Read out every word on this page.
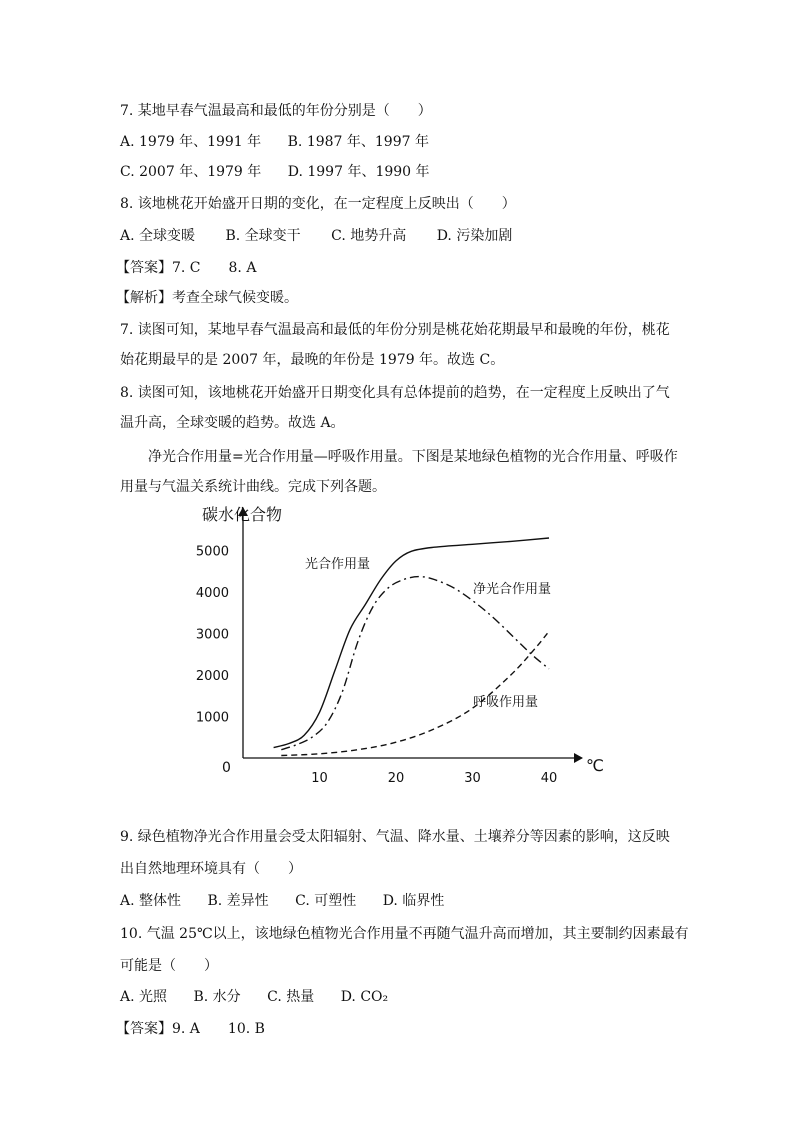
7. 某地早春气温最高和最低的年份分别是（　　）
A. 1979 年、1991 年 B. 1987 年、1997 年
C. 2007 年、1979 年 D. 1997 年、1990 年
8. 该地桃花开始盛开日期的变化，在一定程度上反映出（　　）
A. 全球变暖 B. 全球变干 C. 地势升高 D. 污染加剧
【答案】7. C　　8. A
【解析】考查全球气候变暖。
7. 读图可知，某地早春气温最高和最低的年份分别是桃花始花期最早和最晚的年份，桃花
始花期最早的是 2007 年，最晚的年份是 1979 年。故选 C。
8. 读图可知，该地桃花开始盛开日期变化具有总体提前的趋势，在一定程度上反映出了气
温升高，全球变暖的趋势。故选 A。
净光合作用量=光合作用量—呼吸作用量。下图是某地绿色植物的光合作用量、呼吸作
用量与气温关系统计曲线。完成下列各题。
碳水化合物
℃
0
10	20	30	40
1000
2000
3000
4000
5000
光合作用量
净光合作用量
呼吸作用量
9. 绿色植物净光合作用量会受太阳辐射、气温、降水量、土壤养分等因素的影响，这反映
出自然地理环境具有（　　）
A. 整体性 B. 差异性 C. 可塑性 D. 临界性
10. 气温 25℃以上，该地绿色植物光合作用量不再随气温升高而增加，其主要制约因素最有
可能是（　　）
A. 光照 B. 水分 C. 热量 D. CO₂
【答案】9. A　　10. B
